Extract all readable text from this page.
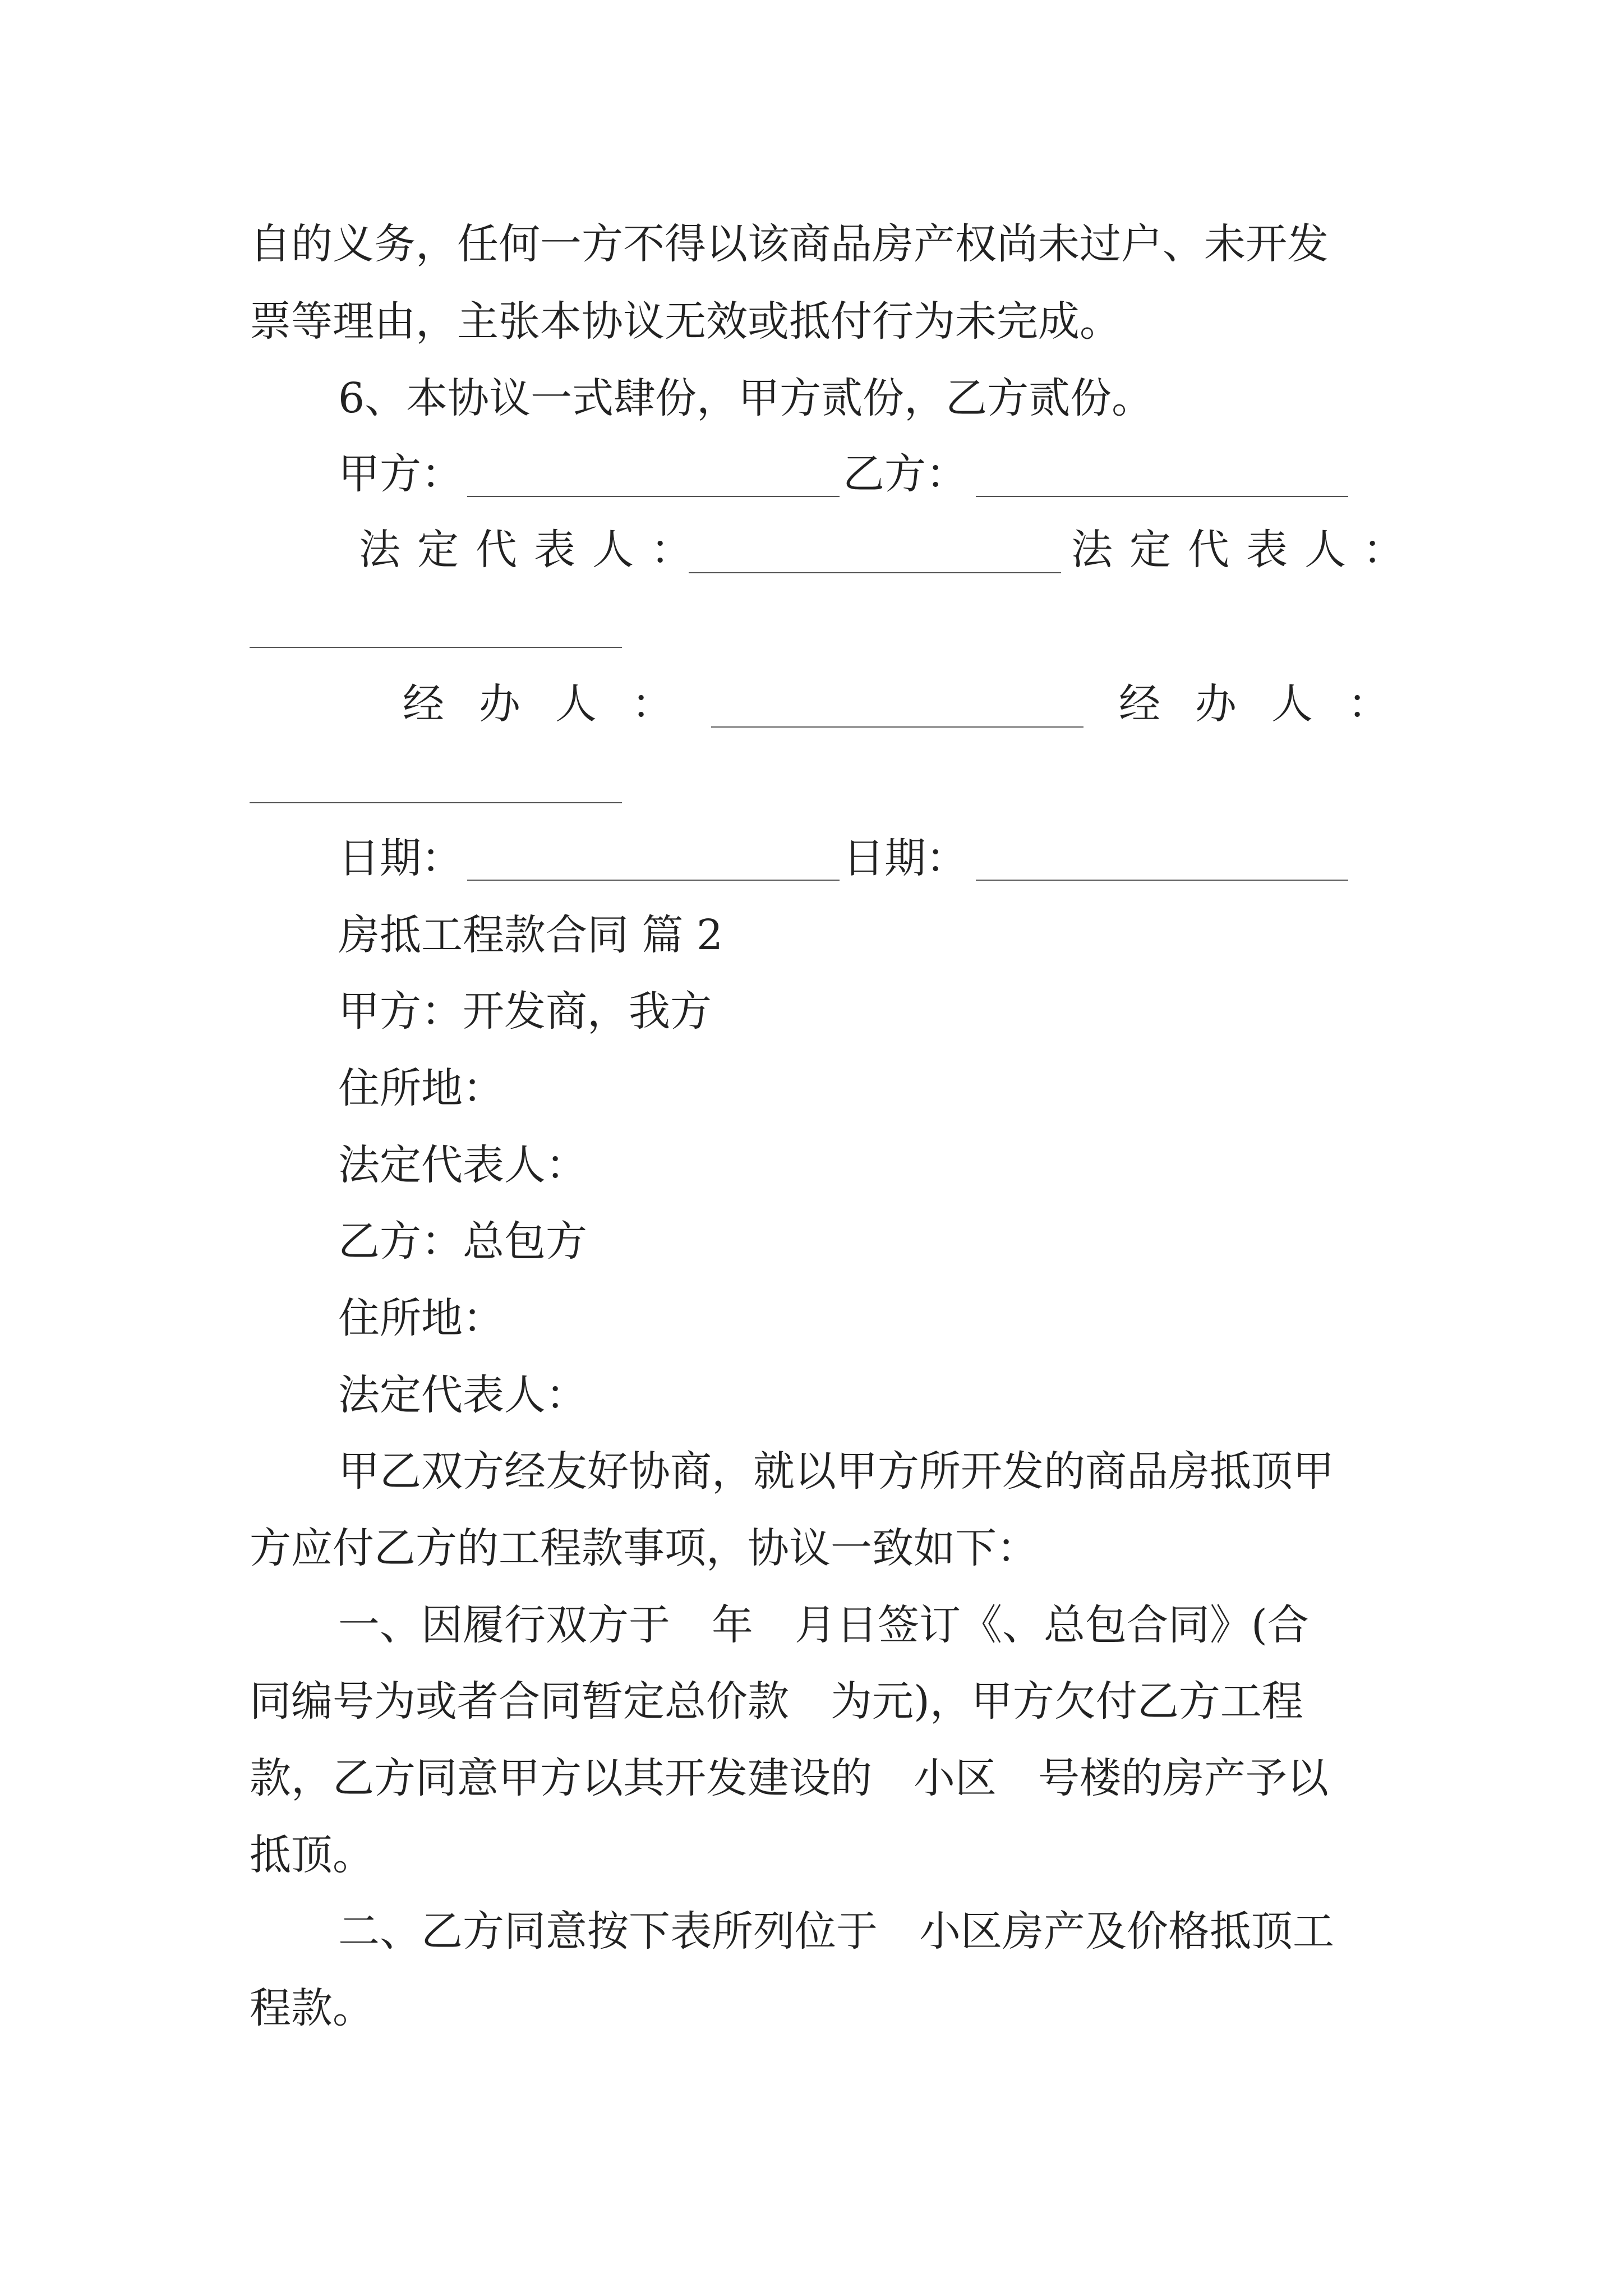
自的义务，任何一方不得以该商品房产权尚未过户、未开发

票等理由，主张本协议无效或抵付行为未完成。

6、本协议一式肆份，甲方贰份，乙方贰份。

甲方：	乙方：
法定代表人：	法定代表人：
经办人：	经办人：
日期：	日期：

房抵工程款合同 篇 2

甲方：开发商，我方

住所地：

法定代表人：

乙方：总包方

住所地：

法定代表人：

甲乙双方经友好协商，就以甲方所开发的商品房抵顶甲

方应付乙方的工程款事项，协议一致如下：

一、因履行双方于　年　月日签订《、总包合同》(合

同编号为或者合同暂定总价款　为元)，甲方欠付乙方工程

款，乙方同意甲方以其开发建设的　小区　号楼的房产予以

抵顶。

二、乙方同意按下表所列位于　小区房产及价格抵顶工

程款。
